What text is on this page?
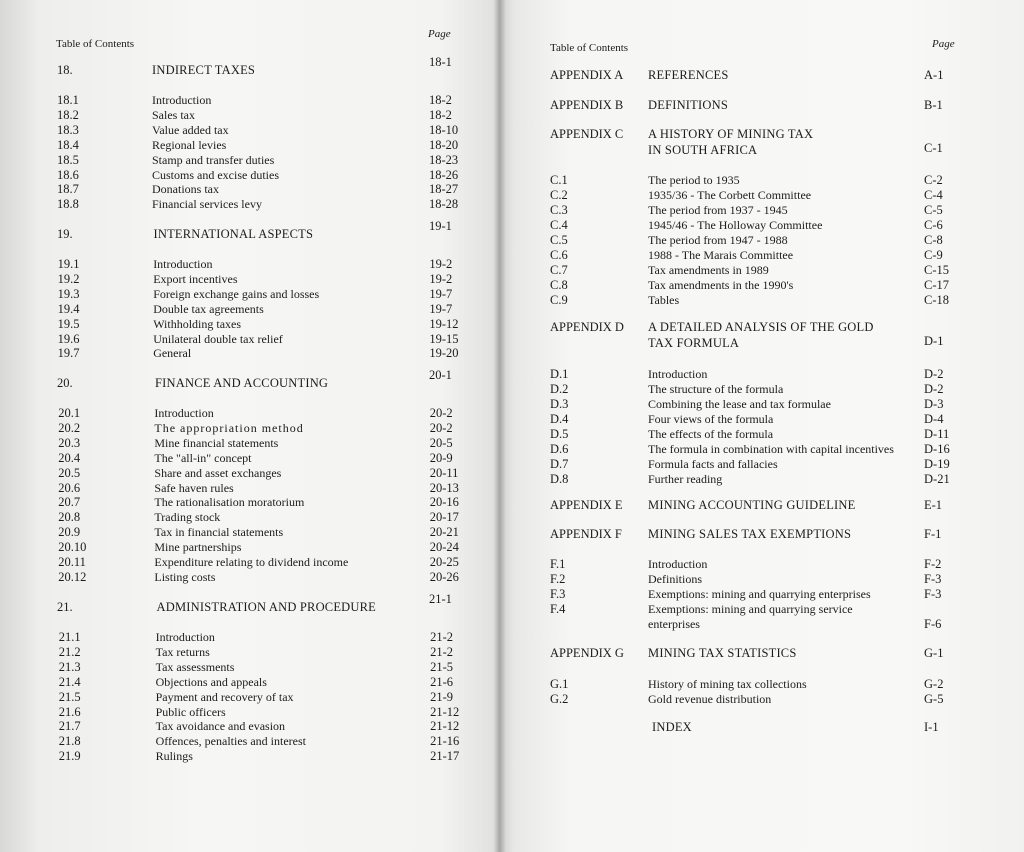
Table of Contents
Page
18.	INDIRECT TAXES
18-1
18.1	Introduction	18-2
18.2	Sales tax	18-2
18.3	Value added tax	18-10
18.4	Regional levies	18-20
18.5	Stamp and transfer duties	18-23
18.6	Customs and excise duties	18-26
18.7	Donations tax	18-27
18.8	Financial services levy	18-28
19.	INTERNATIONAL ASPECTS
19-1
19.1	Introduction	19-2
19.2	Export incentives	19-2
19.3	Foreign exchange gains and losses	19-7
19.4	Double tax agreements	19-7
19.5	Withholding taxes	19-12
19.6	Unilateral double tax relief	19-15
19.7	General	19-20
20.	FINANCE AND ACCOUNTING
20-1
20.1	Introduction	20-2
20.2	The appropriation method	20-2
20.3	Mine financial statements	20-5
20.4	The "all-in" concept	20-9
20.5	Share and asset exchanges	20-11
20.6	Safe haven rules	20-13
20.7	The rationalisation moratorium	20-16
20.8	Trading stock	20-17
20.9	Tax in financial statements	20-21
20.10	Mine partnerships	20-24
20.11	Expenditure relating to dividend income	20-25
20.12	Listing costs	20-26
21.	ADMINISTRATION AND PROCEDURE
21-1
21.1	Introduction	21-2
21.2	Tax returns	21-2
21.3	Tax assessments	21-5
21.4	Objections and appeals	21-6
21.5	Payment and recovery of tax	21-9
21.6	Public officers	21-12
21.7	Tax avoidance and evasion	21-12
21.8	Offences, penalties and interest	21-16
21.9	Rulings	21-17
Table of Contents	Page
APPENDIX A REFERENCES	A-1
APPENDIX B DEFINITIONS	B-1
APPENDIX C A HISTORY OF MINING TAX
IN SOUTH AFRICA	C-1
C.1	The period to 1935	C-2
C.2	1935/36 - The Corbett Committee	C-4
C.3	The period from 1937 - 1945	C-5
C.4	1945/46 - The Holloway Committee	C-6
C.5	The period from 1947 - 1988	C-8
C.6	1988 - The Marais Committee	C-9
C.7	Tax amendments in 1989	C-15
C.8	Tax amendments in the 1990's	C-17
C.9	Tables	C-18
APPENDIX D A DETAILED ANALYSIS OF THE GOLD
TAX FORMULA	D-1
D.1	Introduction	D-2
D.2	The structure of the formula	D-2
D.3	Combining the lease and tax formulae	D-3
D.4	Four views of the formula	D-4
D.5	The effects of the formula	D-11
D.6	The formula in combination with capital incentives D-16
D.7	Formula facts and fallacies	D-19
D.8	Further reading	D-21
APPENDIX E MINING ACCOUNTING GUIDELINE	E-1
APPENDIX F MINING SALES TAX EXEMPTIONS	F-1
F.1	Introduction	F-2
F.2	Definitions	F-3
F.3	Exemptions: mining and quarrying enterprises	F-3
F.4	Exemptions: mining and quarrying service
enterprises	F-6
APPENDIX G MINING TAX STATISTICS	G-1
G.1	History of mining tax collections	G-2
G.2	Gold revenue distribution	G-5
INDEX	I-1
